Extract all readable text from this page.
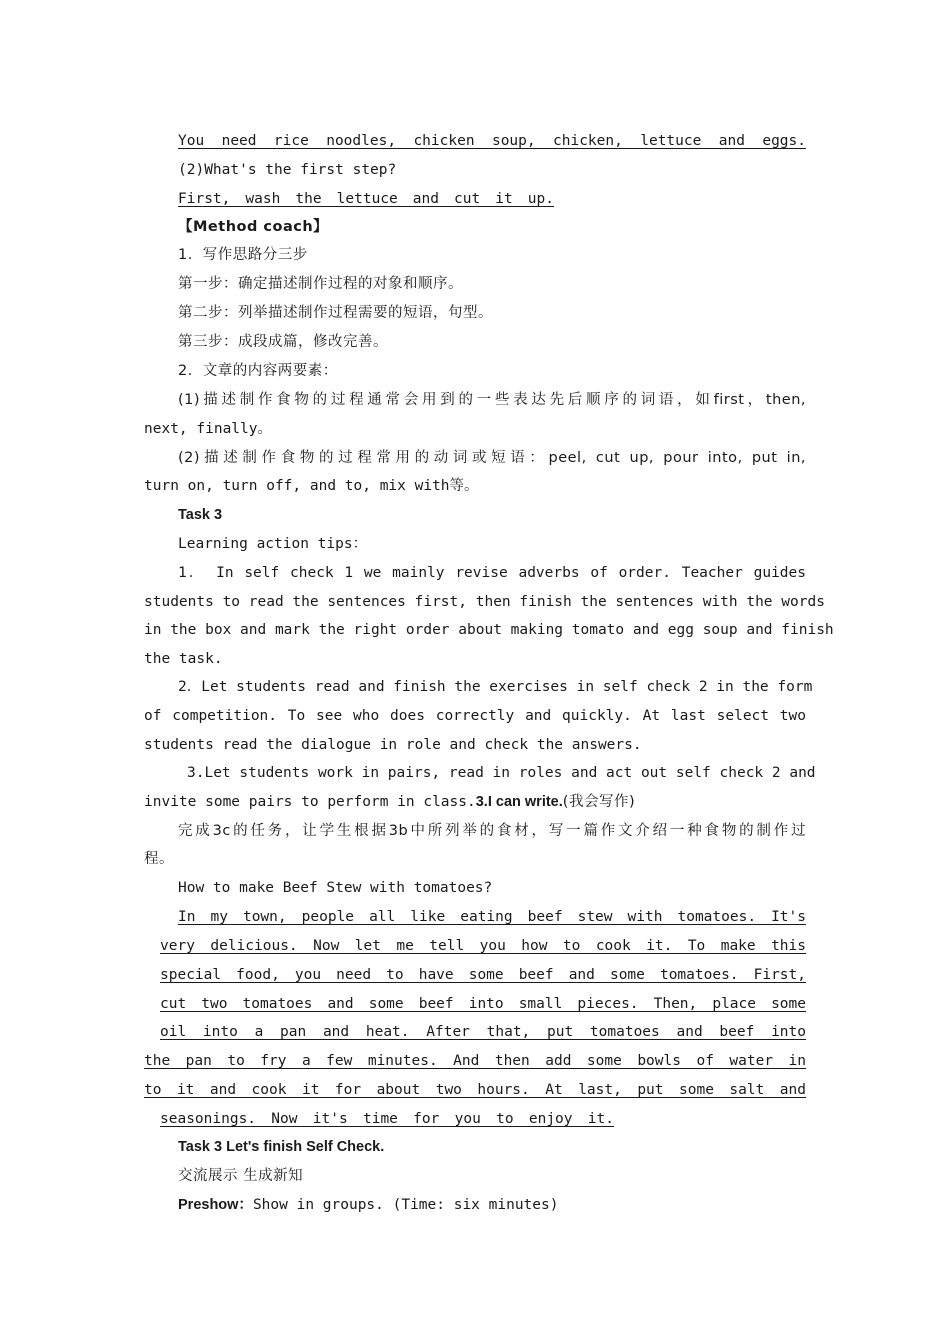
You need rice noodles, chicken soup, chicken, lettuce and eggs.
(2)What's the first step?
First, wash the lettuce and cut it up.
【Method coach】
1．写作思路分三步
第一步：确定描述制作过程的对象和顺序。
第二步：列举描述制作过程需要的短语，句型。
第三步：成段成篇，修改完善。
2．文章的内容两要素：
(1)描述制作食物的过程通常会用到的一些表达先后顺序的词语，如first，then,
next, finally。
(2)描述制作食物的过程常用的动词或短语：peel, cut up, pour into, put in,
turn on, turn off, and to, mix with等。
Task 3
Learning action tips：
1． In self check 1 we mainly revise adverbs of order. Teacher guides
students to read the sentences first, then finish the sentences with the words
in the box and mark the right order about making tomato and egg soup and finish
the task.
2．Let students read and finish the exercises in self check 2 in the form
of competition. To see who does correctly and quickly. At last select two
students read the dialogue in role and check the answers.
3.Let students work in pairs, read in roles and act out self check 2 and
invite some pairs to perform in class.3.I can write.(我会写作)
完成3c的任务，让学生根据3b中所列举的食材，写一篇作文介绍一种食物的制作过
程。
How to make Beef Stew with tomatoes?
In my town, people all like eating beef stew with tomatoes. It's
very delicious. Now let me tell you how to cook it. To make this
special food, you need to have some beef and some tomatoes. First,
cut two tomatoes and some beef into small pieces. Then, place some
oil into a pan and heat. After that, put tomatoes and beef into
the pan to fry a few minutes. And then add some bowls of water in
to it and cook it for about two hours. At last, put some salt and
seasonings. Now it's time for you to enjoy it.
Task 3 Let's finish Self Check.
交流展示 生成新知
Preshow：Show in groups. (Time: six minutes)
